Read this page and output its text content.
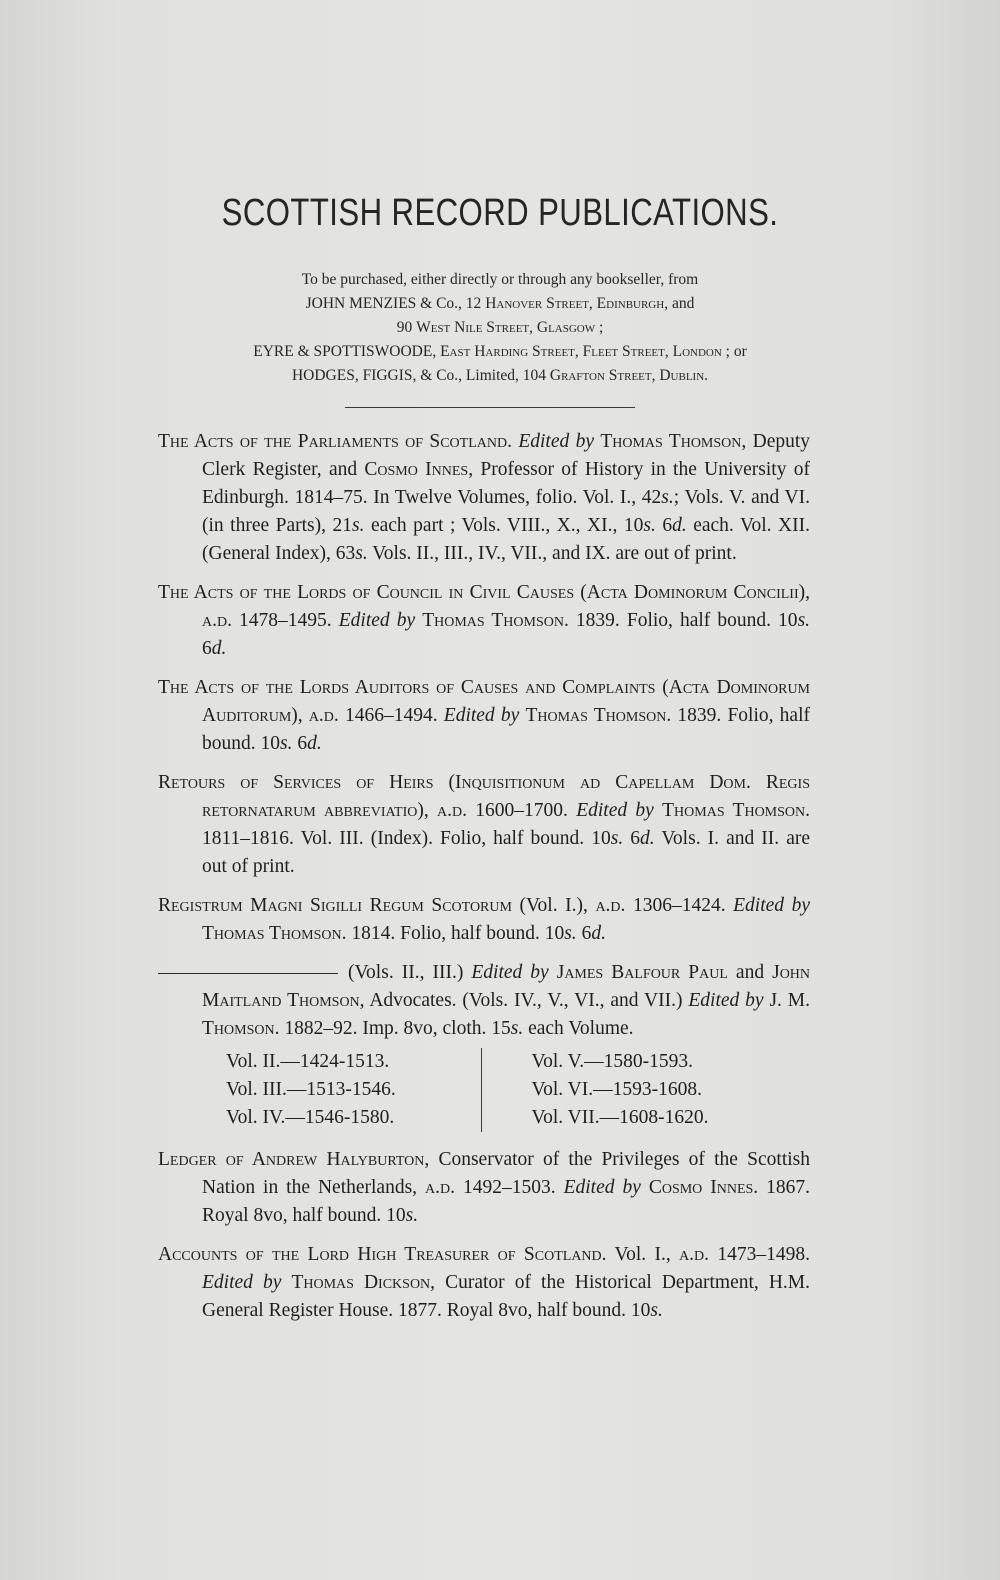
SCOTTISH RECORD PUBLICATIONS.
To be purchased, either directly or through any bookseller, from
JOHN MENZIES & Co., 12 Hanover Street, Edinburgh, and
90 West Nile Street, Glasgow ;
EYRE & SPOTTISWOODE, East Harding Street, Fleet Street, London ; or
HODGES, FIGGIS, & Co., Limited, 104 Grafton Street, Dublin.

The Acts of the Parliaments of Scotland. Edited by Thomas Thomson, Deputy Clerk Register, and Cosmo Innes, Professor of History in the University of Edinburgh. 1814–75. In Twelve Volumes, folio. Vol. I., 42s.; Vols. V. and VI. (in three Parts), 21s. each part ; Vols. VIII., X., XI., 10s. 6d. each. Vol. XII. (General Index), 63s. Vols. II., III., IV., VII., and IX. are out of print.

The Acts of the Lords of Council in Civil Causes (Acta Dominorum Concilii), a.d. 1478–1495. Edited by Thomas Thomson. 1839. Folio, half bound. 10s. 6d.

The Acts of the Lords Auditors of Causes and Complaints (Acta Dominorum Auditorum), a.d. 1466–1494. Edited by Thomas Thomson. 1839. Folio, half bound. 10s. 6d.

Retours of Services of Heirs (Inquisitionum ad Capellam Dom. Regis retornatarum abbreviatio), a.d. 1600–1700. Edited by Thomas Thomson. 1811–1816. Vol. III. (Index). Folio, half bound. 10s. 6d. Vols. I. and II. are out of print.

Registrum Magni Sigilli Regum Scotorum (Vol. I.), a.d. 1306–1424. Edited by Thomas Thomson. 1814. Folio, half bound. 10s. 6d.

(Vols. II., III.) Edited by James Balfour Paul and John Maitland Thomson, Advocates. (Vols. IV., V., VI., and VII.) Edited by J. M. Thomson. 1882–92. Imp. 8vo, cloth. 15s. each Volume.

Vol. II.—1424-1513.
Vol. III.—1513-1546.
Vol. IV.—1546-1580.
Vol. V.—1580-1593.
Vol. VI.—1593-1608.
Vol. VII.—1608-1620.

Ledger of Andrew Halyburton, Conservator of the Privileges of the Scottish Nation in the Netherlands, a.d. 1492–1503. Edited by Cosmo Innes. 1867. Royal 8vo, half bound. 10s.

Accounts of the Lord High Treasurer of Scotland. Vol. I., a.d. 1473–1498. Edited by Thomas Dickson, Curator of the Historical Department, H.M. General Register House. 1877. Royal 8vo, half bound. 10s.
